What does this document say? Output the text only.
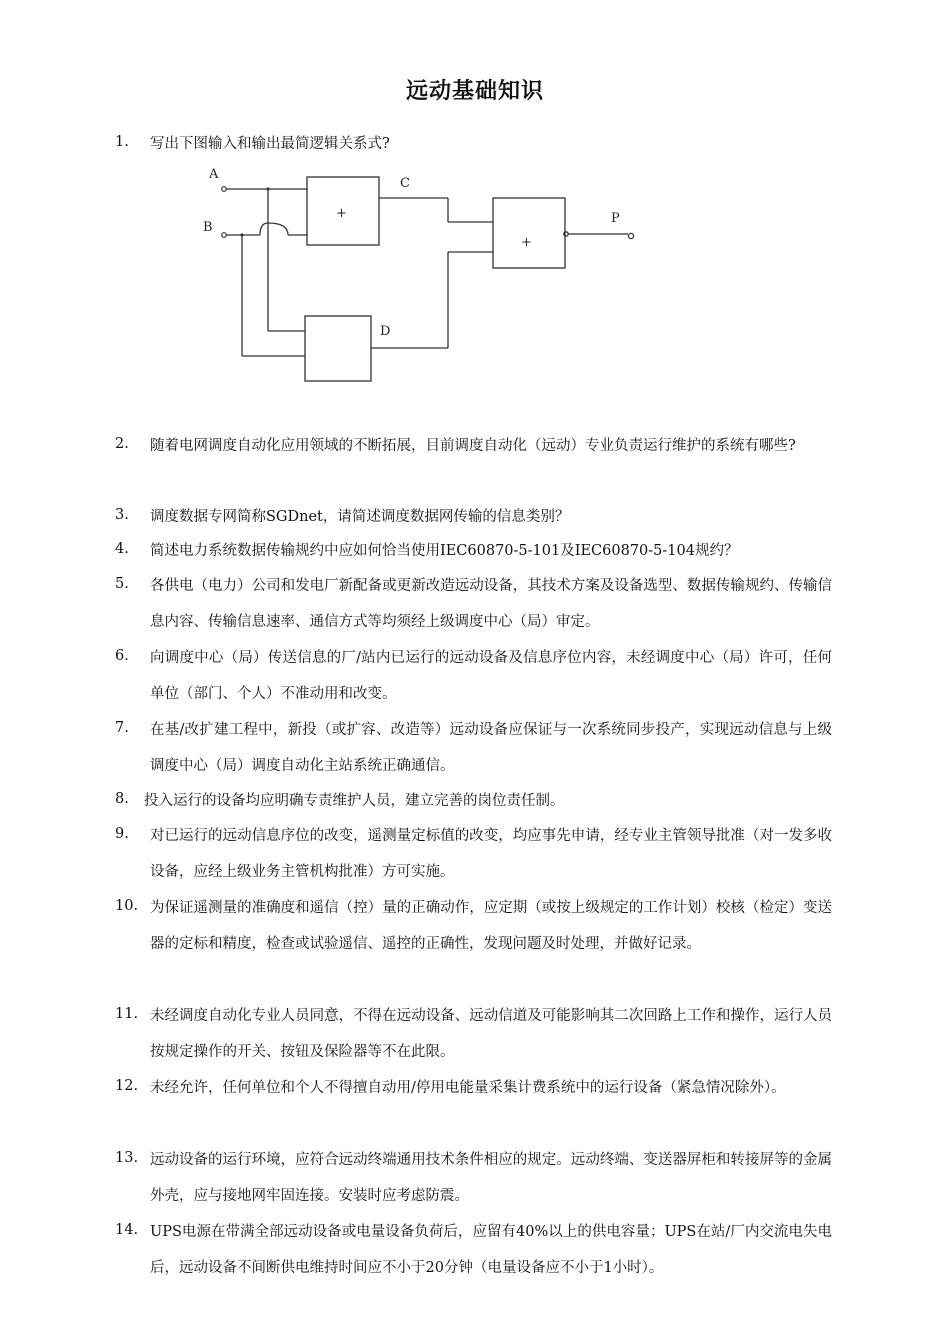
远动基础知识
1. 写出下图输入和输出最简逻辑关系式?
+
+
A
B
C
D
P
2. 随着电网调度自动化应用领域的不断拓展，目前调度自动化（远动）专业负责运行维护的系统有哪些?
3. 调度数据专网简称SGDnet，请简述调度数据网传输的信息类别？
4. 简述电力系统数据传输规约中应如何恰当使用IEC60870-5-101及IEC60870-5-104规约？
5. 各供电（电力）公司和发电厂新配备或更新改造远动设备，其技术方案及设备选型、数据传输规约、传输信息内容、传输信息速率、通信方式等均须经上级调度中心（局）审定。
6. 向调度中心（局）传送信息的厂/站内已运行的远动设备及信息序位内容，未经调度中心（局）许可，任何单位（部门、个人）不准动用和改变。
7. 在基/改扩建工程中，新投（或扩容、改造等）远动设备应保证与一次系统同步投产，实现远动信息与上级调度中心（局）调度自动化主站系统正确通信。
8. 投入运行的设备均应明确专责维护人员，建立完善的岗位责任制。
9. 对已运行的远动信息序位的改变，遥测量定标值的改变，均应事先申请，经专业主管领导批准（对一发多收设备，应经上级业务主管机构批准）方可实施。
10. 为保证遥测量的准确度和遥信（控）量的正确动作，应定期（或按上级规定的工作计划）校核（检定）变送器的定标和精度，检查或试验遥信、遥控的正确性，发现问题及时处理，并做好记录。
11. 未经调度自动化专业人员同意，不得在远动设备、远动信道及可能影响其二次回路上工作和操作，运行人员按规定操作的开关、按钮及保险器等不在此限。
12. 未经允许，任何单位和个人不得擅自动用/停用电能量采集计费系统中的运行设备（紧急情况除外）。
13. 远动设备的运行环境，应符合远动终端通用技术条件相应的规定。远动终端、变送器屏柜和转接屏等的金属外壳，应与接地网牢固连接。安装时应考虑防震。
14. UPS电源在带满全部远动设备或电量设备负荷后，应留有40%以上的供电容量；UPS在站/厂内交流电失电后，远动设备不间断供电维持时间应不小于20分钟（电量设备应不小于1小时）。
